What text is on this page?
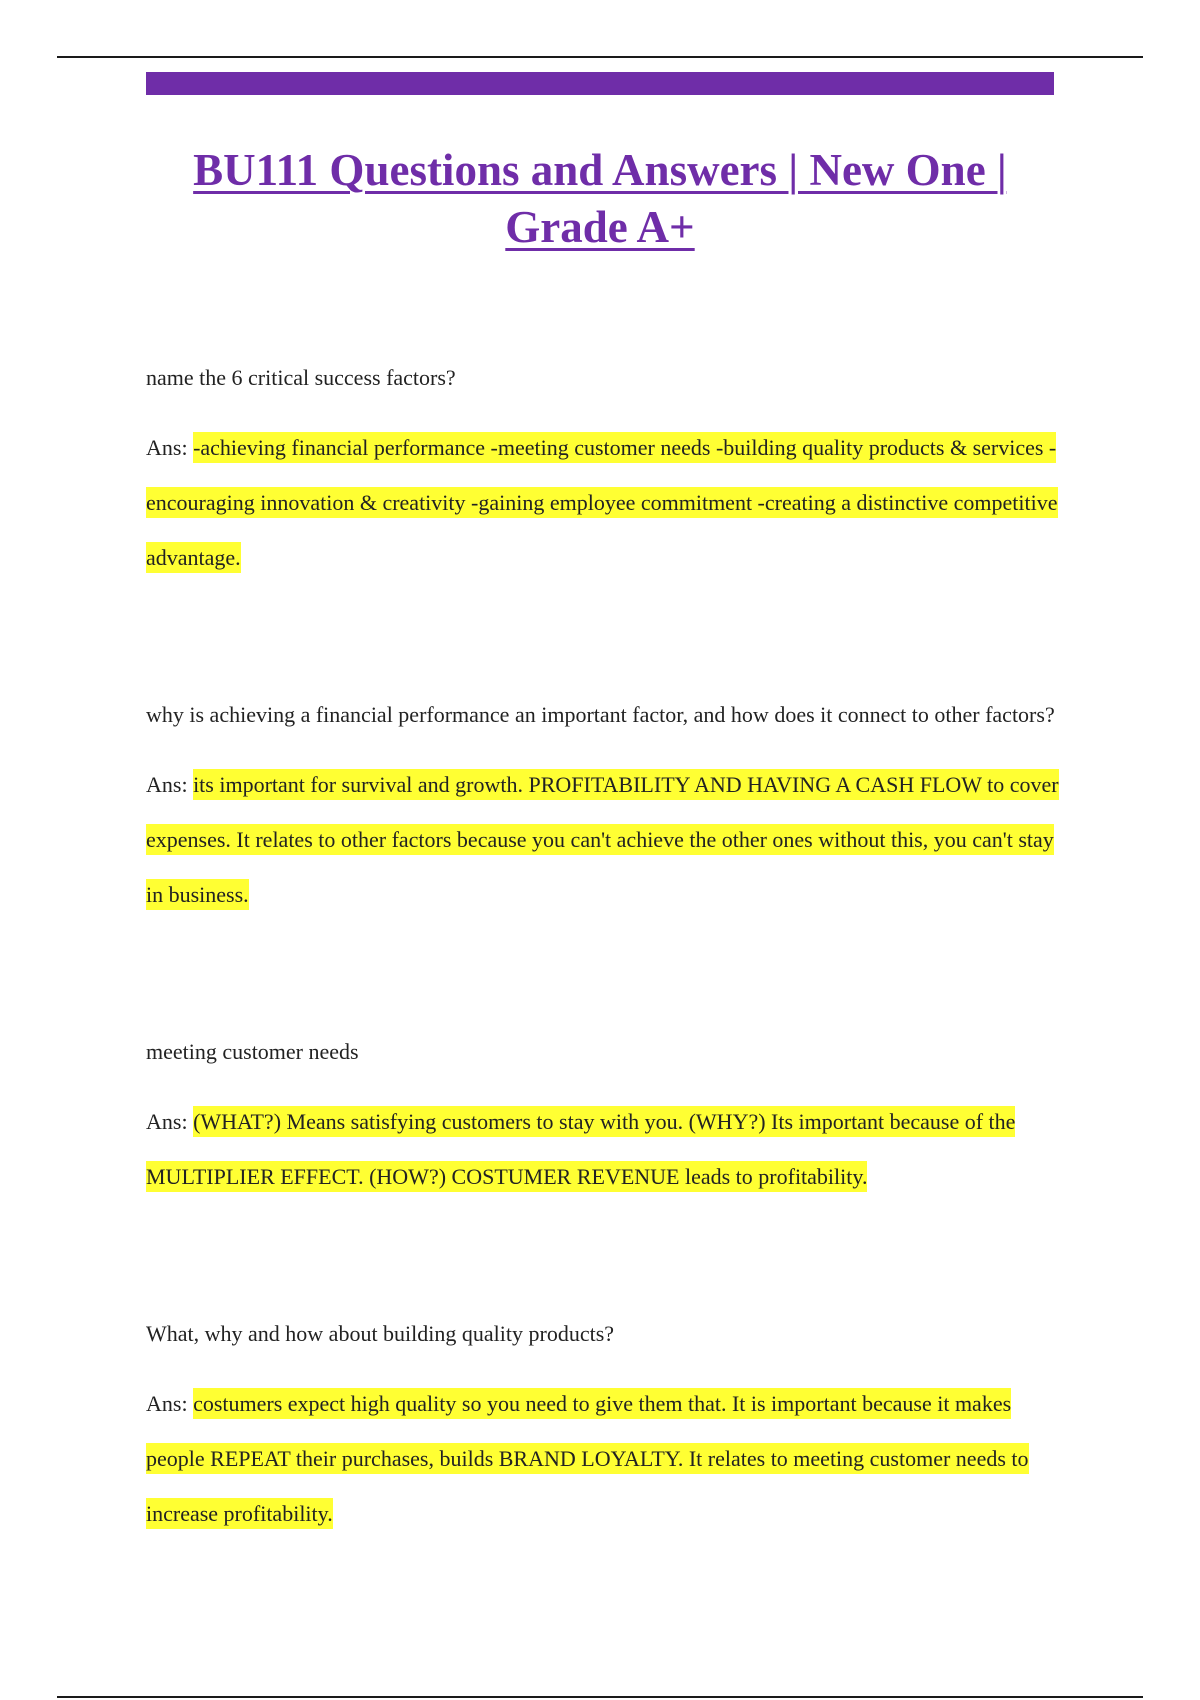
BU111 Questions and Answers | New One | Grade A+

name the 6 critical success factors?

Ans: -achieving financial performance -meeting customer needs -building quality products & services -encouraging innovation & creativity -gaining employee commitment -creating a distinctive competitive advantage.

why is achieving a financial performance an important factor, and how does it connect to other factors?

Ans: its important for survival and growth. PROFITABILITY AND HAVING A CASH FLOW to cover expenses. It relates to other factors because you can't achieve the other ones without this, you can't stay in business.

meeting customer needs

Ans: (WHAT?) Means satisfying customers to stay with you. (WHY?) Its important because of the MULTIPLIER EFFECT. (HOW?) COSTUMER REVENUE leads to profitability.

What, why and how about building quality products?

Ans: costumers expect high quality so you need to give them that. It is important because it makes people REPEAT their purchases, builds BRAND LOYALTY. It relates to meeting customer needs to increase profitability.
